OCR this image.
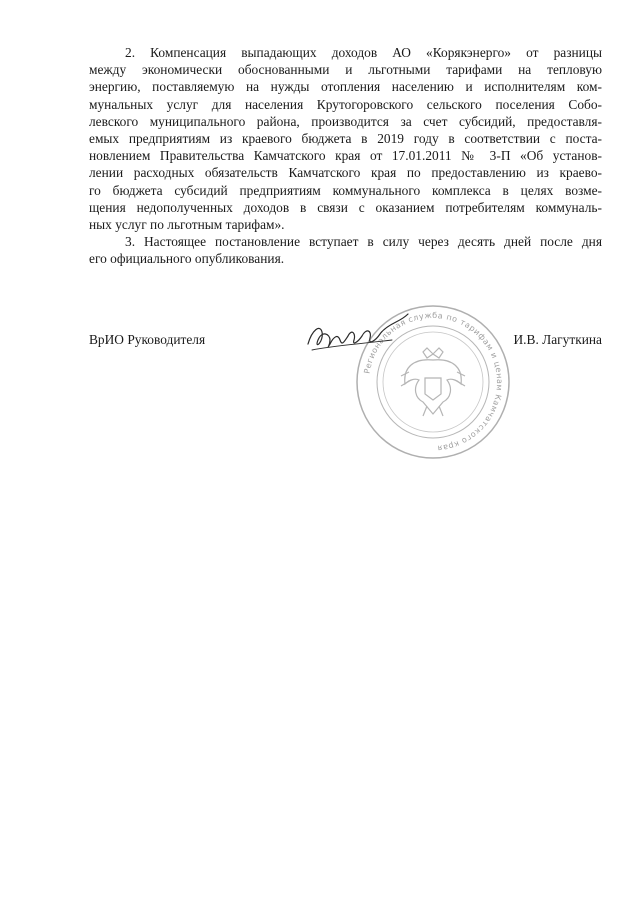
2. Компенсация выпадающих доходов АО «Корякэнерго» от разницы
между экономически обоснованными и льготными тарифами на тепловую
энергию, поставляемую на нужды отопления населению и исполнителям ком-
мунальных услуг для населения Крутогоровского сельского поселения Собо-
левского муниципального района, производится за счет субсидий, предоставля-
емых предприятиям из краевого бюджета в 2019 году в соответствии с поста-
новлением Правительства Камчатского края от 17.01.2011 № 3-П «Об установ-
лении расходных обязательств Камчатского края по предоставлению из краево-
го бюджета субсидий предприятиям коммунального комплекса в целях возме-
щения недополученных доходов в связи с оказанием потребителям коммуналь-
ных услуг по льготным тарифам».

3. Настоящее постановление вступает в силу через десять дней после дня
его официального опубликования.

Региональная служба по тарифам и ценам Камчатского края
ВрИО Руководителя	И.В. Лагуткина
